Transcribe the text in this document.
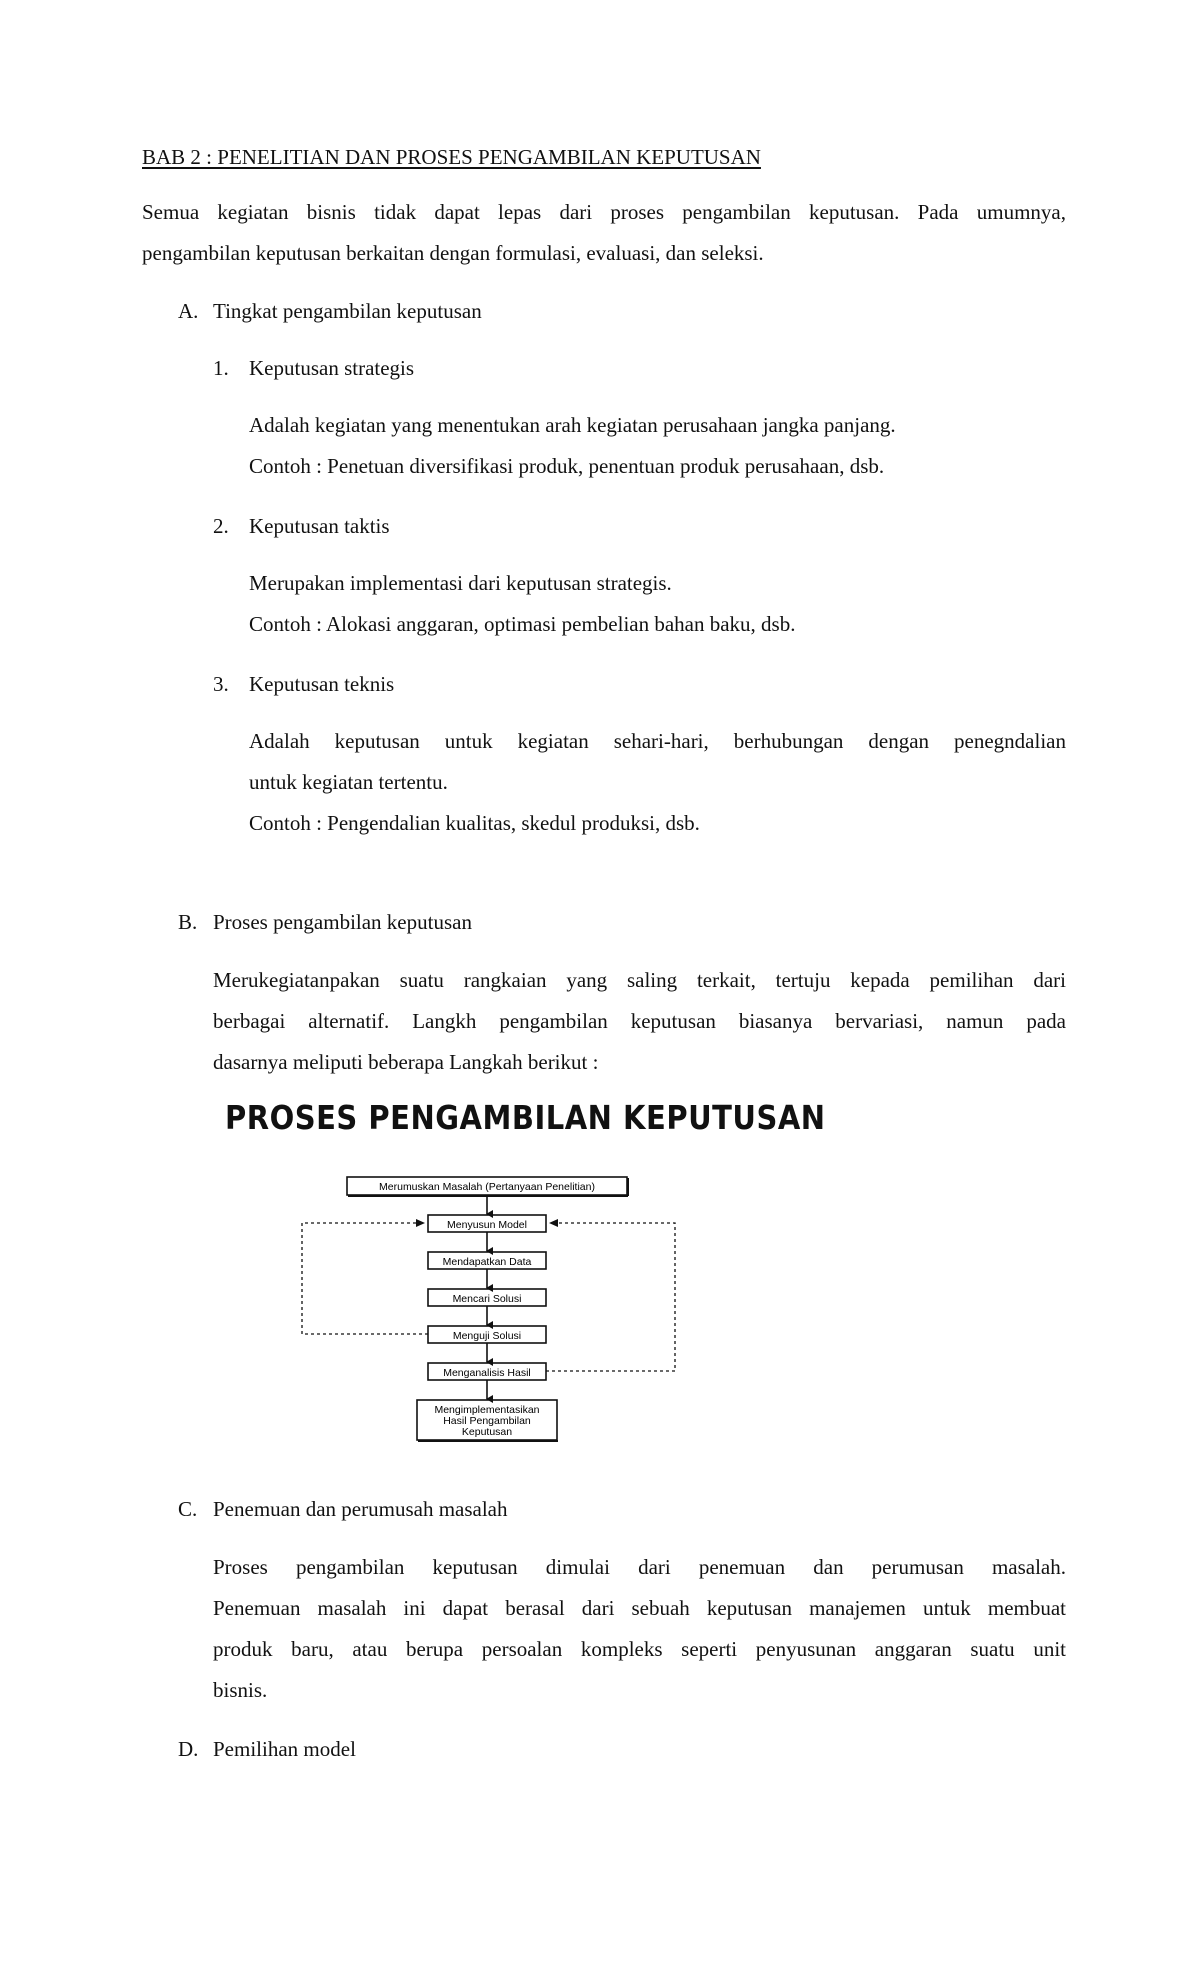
BAB 2 : PENELITIAN DAN PROSES PENGAMBILAN KEPUTUSAN
Semua kegiatan bisnis tidak dapat lepas dari proses pengambilan keputusan. Pada umumnya,
pengambilan keputusan berkaitan dengan formulasi, evaluasi, dan seleksi.
A. Tingkat pengambilan keputusan
1. Keputusan strategis
Adalah kegiatan yang menentukan arah kegiatan perusahaan jangka panjang.
Contoh : Penetuan diversifikasi produk, penentuan produk perusahaan, dsb.
2. Keputusan taktis
Merupakan implementasi dari keputusan strategis.
Contoh : Alokasi anggaran, optimasi pembelian bahan baku, dsb.
3. Keputusan teknis
Adalah keputusan untuk kegiatan sehari-hari, berhubungan dengan penegndalian
untuk kegiatan tertentu.
Contoh : Pengendalian kualitas, skedul produksi, dsb.
B. Proses pengambilan keputusan
Merukegiatanpakan suatu rangkaian yang saling terkait, tertuju kepada pemilihan dari
berbagai alternatif. Langkh pengambilan keputusan biasanya bervariasi, namun pada
dasarnya meliputi beberapa Langkah berikut :
PROSES PENGAMBILAN KEPUTUSAN
Merumuskan Masalah (Pertanyaan Penelitian)
Menyusun Model
Mendapatkan Data
Mencari Solusi
Menguji Solusi
Menganalisis Hasil
Mengimplementasikan
Hasil Pengambilan
Keputusan
C. Penemuan dan perumusah masalah
Proses pengambilan keputusan dimulai dari penemuan dan perumusan masalah.
Penemuan masalah ini dapat berasal dari sebuah keputusan manajemen untuk membuat
produk baru, atau berupa persoalan kompleks seperti penyusunan anggaran suatu unit
bisnis.
D. Pemilihan model
